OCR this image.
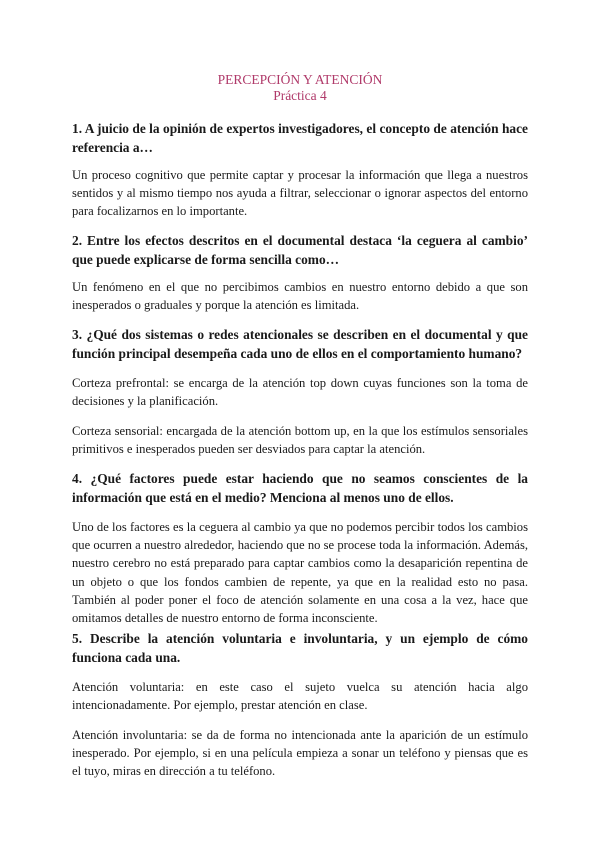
PERCEPCIÓN Y ATENCIÓN
Práctica 4
1. A juicio de la opinión de expertos investigadores, el concepto de atención hace referencia a…
Un proceso cognitivo que permite captar y procesar la información que llega a nuestros sentidos y al mismo tiempo nos ayuda a filtrar, seleccionar o ignorar aspectos del entorno para focalizarnos en lo importante.
2. Entre los efectos descritos en el documental destaca ‘la ceguera al cambio’ que puede explicarse de forma sencilla como…
Un fenómeno en el que no percibimos cambios en nuestro entorno debido a que son inesperados o graduales y porque la atención es limitada.
3. ¿Qué dos sistemas o redes atencionales se describen en el documental y que función principal desempeña cada uno de ellos en el comportamiento humano?
Corteza prefrontal: se encarga de la atención top down cuyas funciones son la toma de decisiones y la planificación.
Corteza sensorial: encargada de la atención bottom up, en la que los estímulos sensoriales primitivos e inesperados pueden ser desviados para captar la atención.
4. ¿Qué factores puede estar haciendo que no seamos conscientes de la información que está en el medio? Menciona al menos uno de ellos.
Uno de los factores es la ceguera al cambio ya que no podemos percibir todos los cambios que ocurren a nuestro alrededor, haciendo que no se procese toda la información. Además, nuestro cerebro no está preparado para captar cambios como la desaparición repentina de un objeto o que los fondos cambien de repente, ya que en la realidad esto no pasa. También al poder poner el foco de atención solamente en una cosa a la vez, hace que omitamos detalles de nuestro entorno de forma inconsciente.
5. Describe la atención voluntaria e involuntaria, y un ejemplo de cómo funciona cada una.
Atención voluntaria: en este caso el sujeto vuelca su atención hacia algo intencionadamente. Por ejemplo, prestar atención en clase.
Atención involuntaria: se da de forma no intencionada ante la aparición de un estímulo inesperado. Por ejemplo, si en una película empieza a sonar un teléfono y piensas que es el tuyo, miras en dirección a tu teléfono.
